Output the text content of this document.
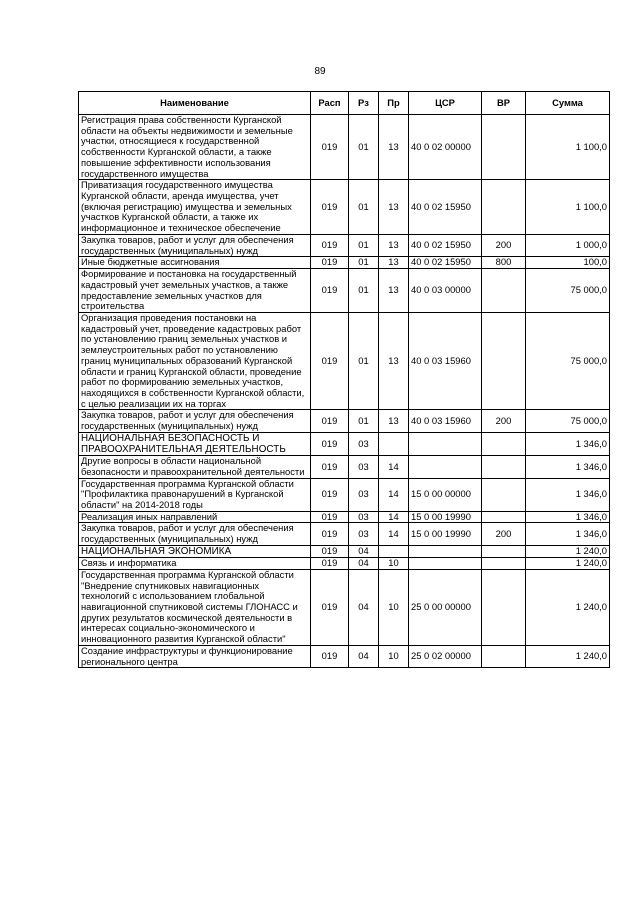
89
Наименование	Расп	Рз	Пр	ЦСР	ВР	Сумма
Регистрация права собственности Курганской области на объекты недвижимости и земельные участки, относящиеся к государственной собственности Курганской области, а также повышение эффективности использования государственного имущества	019	01	13	40 0 02 00000		1 100,0
Приватизация государственного имущества Курганской области, аренда имущества, учет (включая регистрацию) имущества и земельных участков Курганской области, а также их информационное и техническое обеспечение	019	01	13	40 0 02 15950		1 100,0
Закупка товаров, работ и услуг для обеспечения государственных (муниципальных) нужд	019	01	13	40 0 02 15950	200	1 000,0
Иные бюджетные ассигнования	019	01	13	40 0 02 15950	800	100,0
Формирование и постановка на государственный кадастровый учет земельных участков, а также предоставление земельных участков для строительства	019	01	13	40 0 03 00000		75 000,0
Организация проведения постановки на кадастровый учет, проведение кадастровых работ по установлению границ земельных участков и землеустроительных работ по установлению границ муниципальных образований Курганской области и границ Курганской области, проведение работ по формированию земельных участков, находящихся в собственности Курганской области, с целью реализации их на торгах	019	01	13	40 0 03 15960		75 000,0
Закупка товаров, работ и услуг для обеспечения государственных (муниципальных) нужд	019	01	13	40 0 03 15960	200	75 000,0
НАЦИОНАЛЬНАЯ БЕЗОПАСНОСТЬ И ПРАВООХРАНИТЕЛЬНАЯ ДЕЯТЕЛЬНОСТЬ	019	03				1 346,0
Другие вопросы в области национальной безопасности и правоохранительной деятельности	019	03	14			1 346,0
Государственная программа Курганской области "Профилактика правонарушений в Курганской области" на 2014-2018 годы	019	03	14	15 0 00 00000		1 346,0
Реализация иных направлений	019	03	14	15 0 00 19990		1 346,0
Закупка товаров, работ и услуг для обеспечения государственных (муниципальных) нужд	019	03	14	15 0 00 19990	200	1 346,0
НАЦИОНАЛЬНАЯ ЭКОНОМИКА	019	04				1 240,0
Связь и информатика	019	04	10			1 240,0
Государственная программа Курганской области "Внедрение спутниковых навигационных технологий с использованием глобальной навигационной спутниковой системы ГЛОНАСС и других результатов космической деятельности в интересах социально-экономического и инновационного развития Курганской области"	019	04	10	25 0 00 00000		1 240,0
Создание инфраструктуры и функционирование регионального центра	019	04	10	25 0 02 00000		1 240,0
